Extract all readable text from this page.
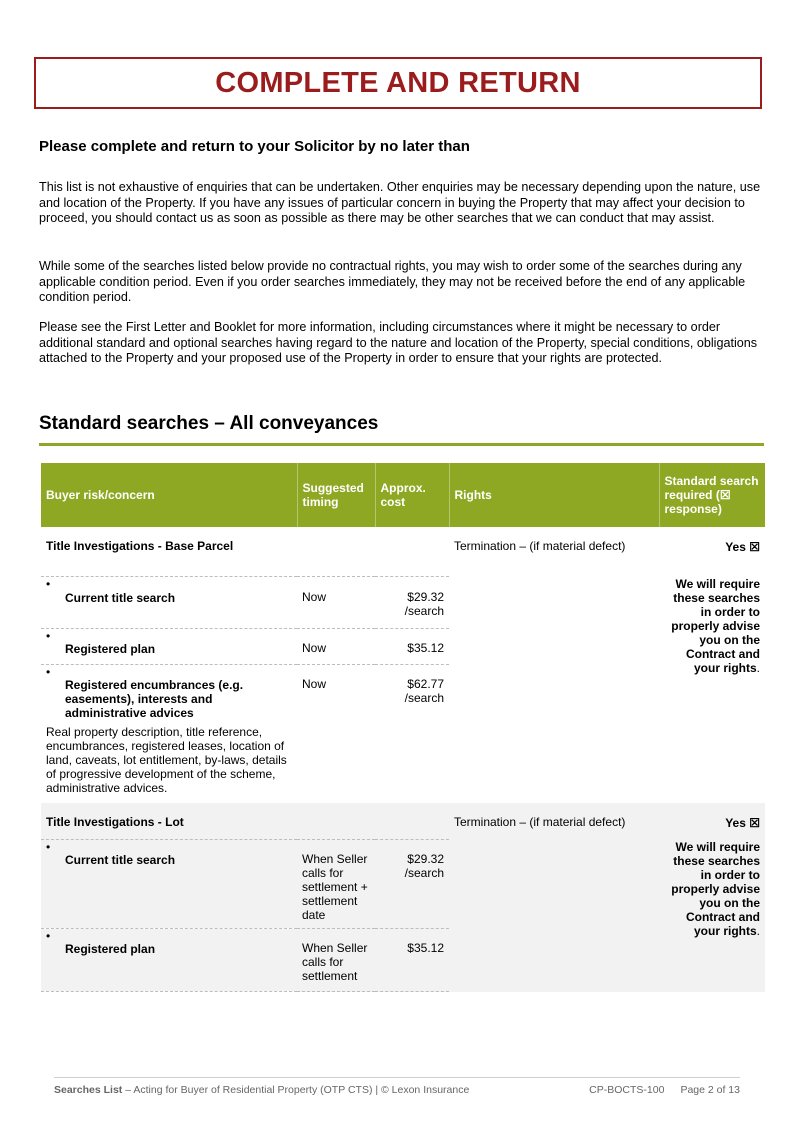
COMPLETE AND RETURN
Please complete and return to your Solicitor by no later than

This list is not exhaustive of enquiries that can be undertaken. Other enquiries may be necessary depending upon the nature, use and location of the Property. If you have any issues of particular concern in buying the Property that may affect your decision to proceed, you should contact us as soon as possible as there may be other searches that we can conduct that may assist.

While some of the searches listed below provide no contractual rights, you may wish to order some of the searches during any applicable condition period. Even if you order searches immediately, they may not be received before the end of any applicable condition period.

Please see the First Letter and Booklet for more information, including circumstances where it might be necessary to order additional standard and optional searches having regard to the nature and location of the Property, special conditions, obligations attached to the Property and your proposed use of the Property in order to ensure that your rights are protected.

Standard searches – All conveyances
Buyer risk/concern	Suggested timing	Approx. cost	Rights	Standard search required (☒ response)
Title Investigations - Base Parcel			Termination – (if material defect)	Yes ☒

•
Current title search	Now	$29.32 /search		We will require these searches in order to properly advise you on the Contract and your rights.

•
Registered plan	Now	$35.12		

•
Registered encumbrances (e.g. easements), interests and administrative advices	Now	$62.77 /search		
Real property description, title reference, encumbrances, registered leases, location of land, caveats, lot entitlement, by-laws, details of progressive development of the scheme, administrative advices.				
Title Investigations - Lot			Termination – (if material defect)	Yes ☒

•
Current title search	When Seller calls for settlement + settlement date	$29.32 /search		We will require these searches in order to properly advise you on the Contract and your rights.

•
Registered plan	When Seller calls for settlement	$35.12		
Searches List – Acting for Buyer of Residential Property (OTP CTS) | © Lexon Insurance	CP-BOCTS-100 Page 2 of 13
